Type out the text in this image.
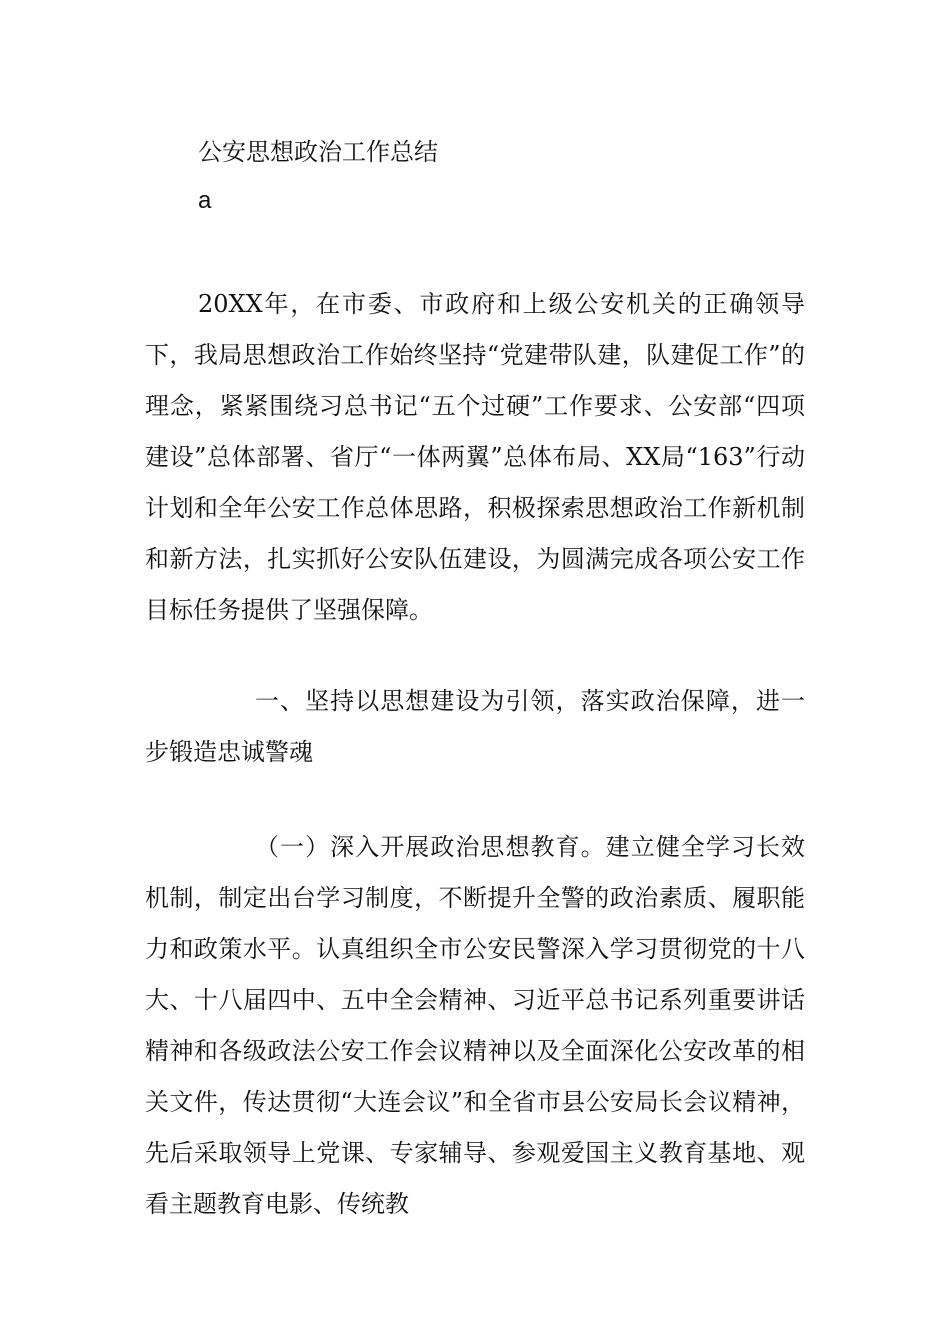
公安思想政治工作总结
a

20XX年，在市委、市政府和上级公安机关的正确领导下，我局思想政治工作始终坚持“党建带队建，队建促工作”的理念，紧紧围绕习总书记“五个过硬”工作要求、公安部“四项建设”总体部署、省厅“一体两翼”总体布局、XX局“163”行动计划和全年公安工作总体思路，积极探索思想政治工作新机制和新方法，扎实抓好公安队伍建设，为圆满完成各项公安工作目标任务提供了坚强保障。

一、坚持以思想建设为引领，落实政治保障，进一步锻造忠诚警魂

（一）深入开展政治思想教育。建立健全学习长效机制，制定出台学习制度，不断提升全警的政治素质、履职能力和政策水平。认真组织全市公安民警深入学习贯彻党的十八大、十八届四中、五中全会精神、习近平总书记系列重要讲话精神和各级政法公安工作会议精神以及全面深化公安改革的相关文件，传达贯彻“大连会议”和全省市县公安局长会议精神，先后采取领导上党课、专家辅导、参观爱国主义教育基地、观看主题教育电影、传统教
